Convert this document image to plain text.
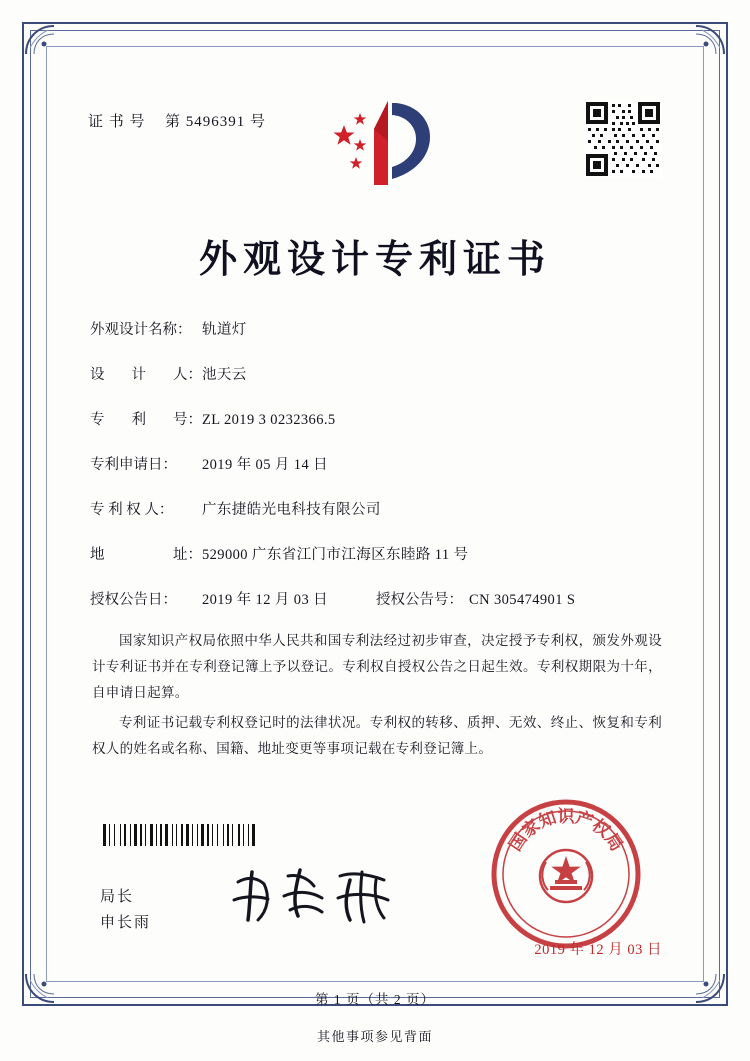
证 书 号 第 5496391 号
外观设计专利证书
外观设计名称： 轨道灯
设 计 人： 池天云
专 利 号： ZL 2019 3 0232366.5
专利申请日：	2019 年 05 月 14 日
专 利 权 人：	广东捷皓光电科技有限公司
地	址： 529000 广东省江门市江海区东睦路 11 号
授权公告日：	2019 年 12 月 03 日	授权公告号： CN 305474901 S

国家知识产权局依照中华人民共和国专利法经过初步审查，决定授予专利权，颁发外观设计专利证书并在专利登记簿上予以登记。专利权自授权公告之日起生效。专利权期限为十年，自申请日起算。

专利证书记载专利权登记时的法律状况。专利权的转移、质押、无效、终止、恢复和专利权人的姓名或名称、国籍、地址变更等事项记载在专利登记簿上。

局长
申长雨
国家知识产权局
2019 年 12 月 03 日
第 1 页（共 2 页）
其他事项参见背面
